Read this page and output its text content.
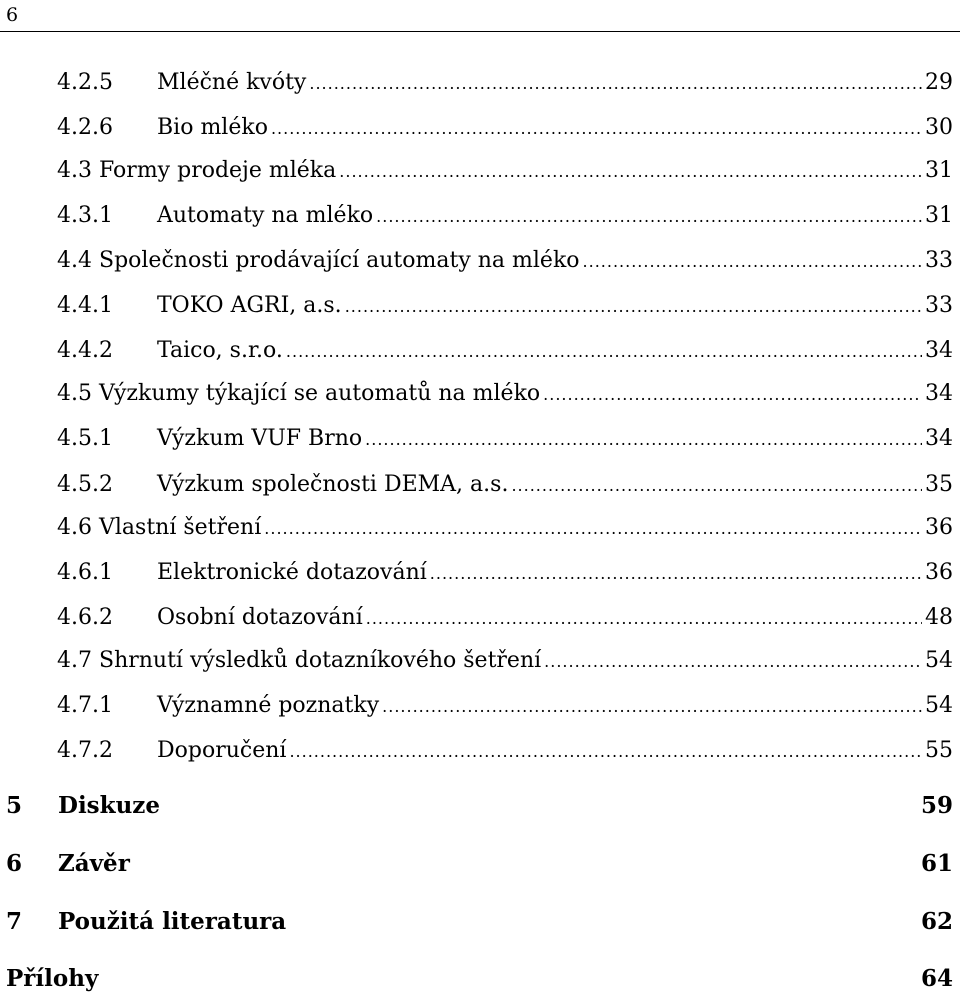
6
4.2.5	Mléčné kvóty .....	29
4.2.6	Bio mléko .....	30
4.3 Formy prodeje mléka .....	31
4.3.1	Automaty na mléko .....	31
4.4 Společnosti prodávající automaty na mléko .....	33
4.4.1	TOKO AGRI, a.s. .....	33
4.4.2	Taico, s.r.o. .....	34
4.5 Výzkumy týkající se automatů na mléko .....	34
4.5.1	Výzkum VUF Brno .....	34
4.5.2	Výzkum společnosti DEMA, a.s. .....	35
4.6 Vlastní šetření .....	36
4.6.1	Elektronické dotazování .....	36
4.6.2	Osobní dotazování .....	48
4.7 Shrnutí výsledků dotazníkového šetření .....	54
4.7.1	Významné poznatky .....	54
4.7.2	Doporučení .....	55
5	Diskuze	59
6	Závěr	61
7	Použitá literatura	62
Přílohy	64
